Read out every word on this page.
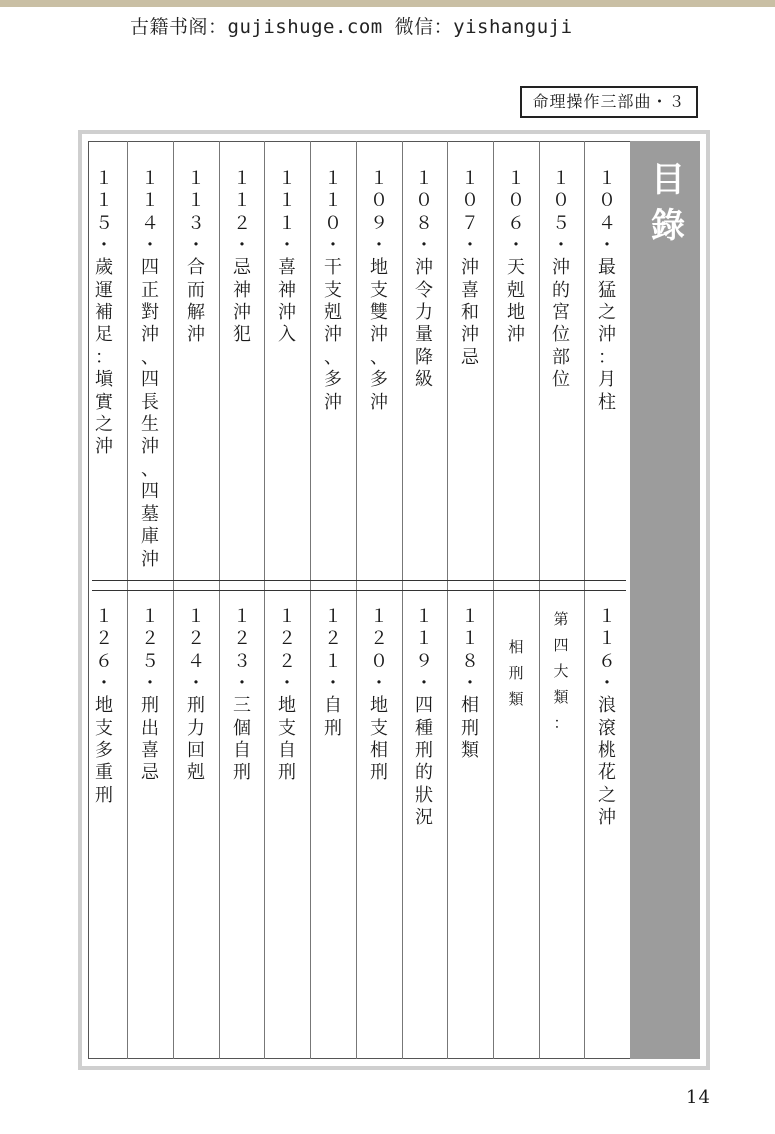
古籍书阁：gujishuge.com 微信：yishanguji
命理操作三部曲・３
目
錄
１
０
４
・
最
猛
之
沖
：
月
柱
１
０
５
・
沖
的
宮
位
部
位
１
０
６
・
天
剋
地
沖
１
０
７
・
沖
喜
和
沖
忌
１
０
８
・
沖
令
力
量
降
級
１
０
９
・
地
支
雙
沖
、
多
沖
１
１
０
・
干
支
剋
沖
、
多
沖
１
１
１
・
喜
神
沖
入
１
１
２
・
忌
神
沖
犯
１
１
３
・
合
而
解
沖
１
１
４
・
四
正
對
沖
、
四
長
生
沖
、
四
墓
庫
沖
１
１
５
・
歲
運
補
足
：
塡
實
之
沖
１
１
６
・
浪
滾
桃
花
之
沖
第
四
大
類
：
相
刑
類
１
１
８
・
相
刑
類
１
１
９
・
四
種
刑
的
狀
況
１
２
０
・
地
支
相
刑
１
２
１
・
自
刑
１
２
２
・
地
支
自
刑
１
２
３
・
三
個
自
刑
１
２
４
・
刑
力
回
剋
１
２
５
・
刑
出
喜
忌
１
２
６
・
地
支
多
重
刑
14
